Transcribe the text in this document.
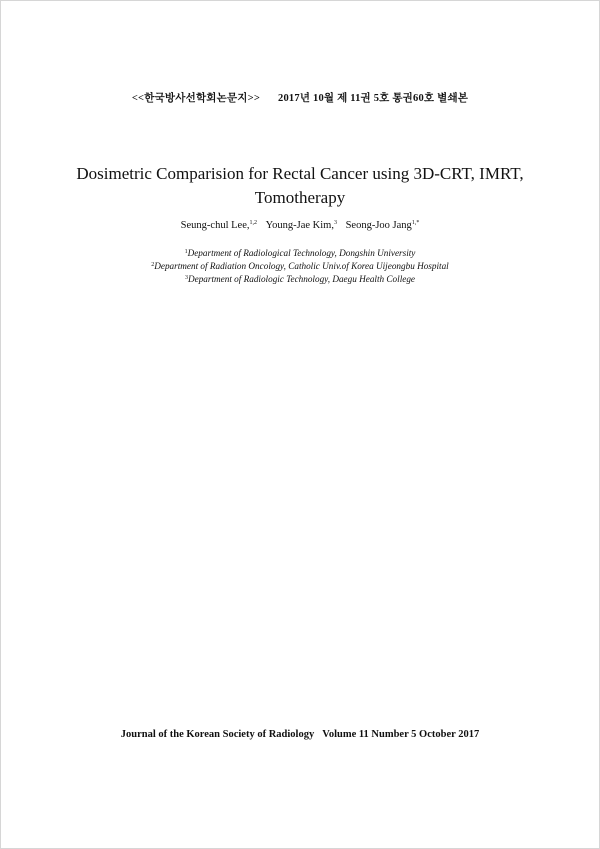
<<한국방사선학회논문지>> 2017년 10월 제 11권 5호 통권60호 별쇄본
Dosimetric Comparision for Rectal Cancer using 3D-CRT, IMRT,
Tomotherapy
Seung-chul Lee,$^{1,2}$ Young-Jae Kim,$^3$ Seong-Joo Jang$^{1,*}$
$^1$Department of Radiological Technology, Dongshin University
$^2$Department of Radiation Oncology, Catholic Univ.of Korea Uijeongbu Hospital
$^3$Department of Radiologic Technology, Daegu Health College
Journal of the Korean Society of Radiology Volume 11 Number 5 October 2017
